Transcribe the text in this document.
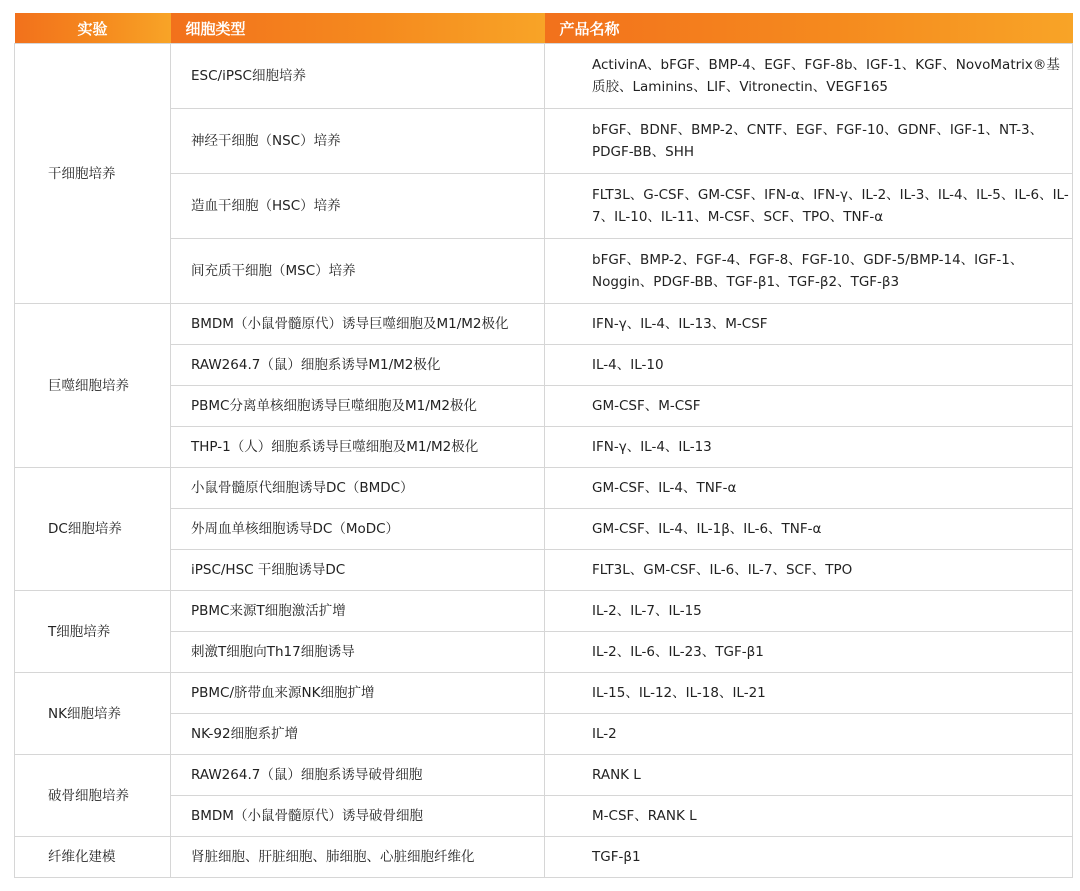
实验	细胞类型	产品名称
干细胞培养	ESC/iPSC细胞培养	ActivinA、bFGF、BMP-4、EGF、FGF-8b、IGF-1、KGF、NovoMatrix®基质胶、Laminins、LIF、Vitronectin、VEGF165
	神经干细胞（NSC）培养	bFGF、BDNF、BMP-2、CNTF、EGF、FGF-10、GDNF、IGF-1、NT-3、PDGF-BB、SHH
	造血干细胞（HSC）培养	FLT3L、G-CSF、GM-CSF、IFN-α、IFN-γ、IL-2、IL-3、IL-4、IL-5、IL-6、IL-7、IL-10、IL-11、M-CSF、SCF、TPO、TNF-α
	间充质干细胞（MSC）培养	bFGF、BMP-2、FGF-4、FGF-8、FGF-10、GDF-5/BMP-14、IGF-1、Noggin、PDGF-BB、TGF-β1、TGF-β2、TGF-β3
巨噬细胞培养	BMDM（小鼠骨髓原代）诱导巨噬细胞及M1/M2极化	IFN-γ、IL-4、IL-13、M-CSF
	RAW264.7（鼠）细胞系诱导M1/M2极化	IL-4、IL-10
	PBMC分离单核细胞诱导巨噬细胞及M1/M2极化	GM-CSF、M-CSF
	THP-1（人）细胞系诱导巨噬细胞及M1/M2极化	IFN-γ、IL-4、IL-13
DC细胞培养	小鼠骨髓原代细胞诱导DC（BMDC）	GM-CSF、IL-4、TNF-α
	外周血单核细胞诱导DC（MoDC）	GM-CSF、IL-4、IL-1β、IL-6、TNF-α
	iPSC/HSC 干细胞诱导DC	FLT3L、GM-CSF、IL-6、IL-7、SCF、TPO
T细胞培养	PBMC来源T细胞激活扩增	IL-2、IL-7、IL-15
	刺激T细胞向Th17细胞诱导	IL-2、IL-6、IL-23、TGF-β1
NK细胞培养	PBMC/脐带血来源NK细胞扩增	IL-15、IL-12、IL-18、IL-21
	NK-92细胞系扩增	IL-2
破骨细胞培养	RAW264.7（鼠）细胞系诱导破骨细胞	RANK L
	BMDM（小鼠骨髓原代）诱导破骨细胞	M-CSF、RANK L
纤维化建模	肾脏细胞、肝脏细胞、肺细胞、心脏细胞纤维化	TGF-β1
